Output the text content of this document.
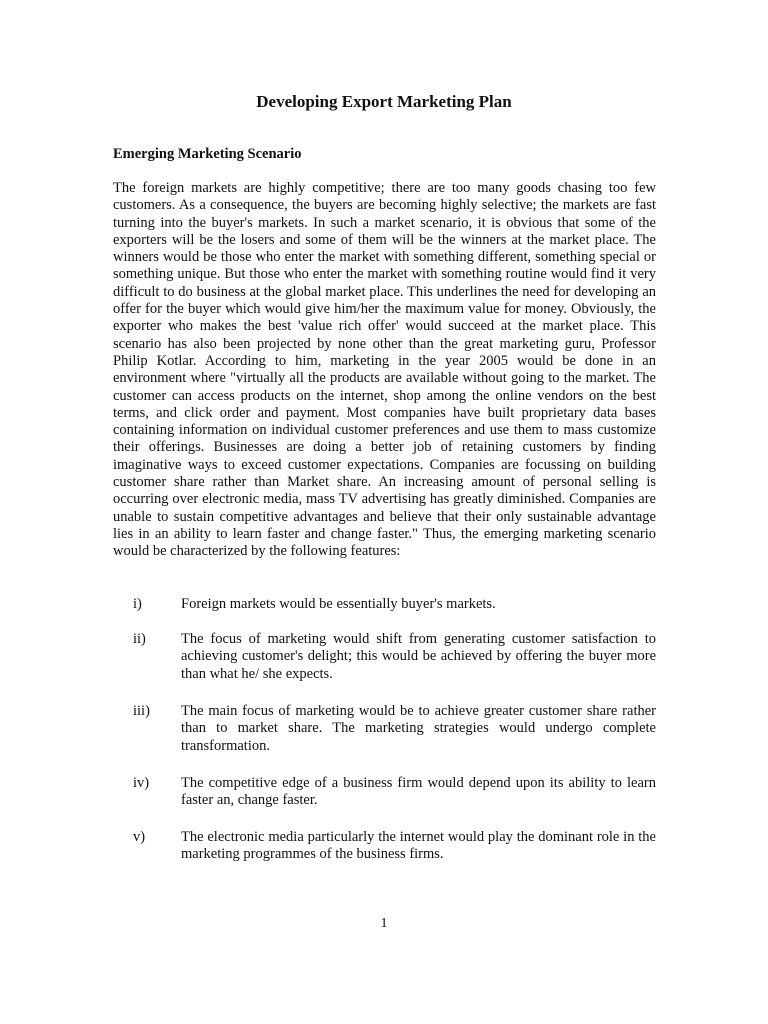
Developing Export Marketing Plan
Emerging Marketing Scenario

The foreign markets are highly competitive; there are too many goods chasing too few customers. As a consequence, the buyers are becoming highly selective; the markets are fast turning into the buyer's markets. In such a market scenario, it is obvious that some of the exporters will be the losers and some of them will be the winners at the market place. The winners would be those who enter the market with something different, something special or something unique. But those who enter the market with something routine would find it very difficult to do business at the global market place. This underlines the need for developing an offer for the buyer which would give him/her the maximum value for money. Obviously, the exporter who makes the best 'value rich offer' would succeed at the market place. This scenario has also been projected by none other than the great marketing guru, Professor Philip Kotlar. According to him, marketing in the year 2005 would be done in an environment where "virtually all the products are available without going to the market. The customer can access products on the internet, shop among the online vendors on the best terms, and click order and payment. Most companies have built proprietary data bases containing information on individual customer preferences and use them to mass customize their offerings. Businesses are doing a better job of retaining customers by finding imaginative ways to exceed customer expectations. Companies are focussing on building customer share rather than Market share. An increasing amount of personal selling is occurring over electronic media, mass TV advertising has greatly diminished. Companies are unable to sustain competitive advantages and believe that their only sustainable advantage lies in an ability to learn faster and change faster." Thus, the emerging marketing scenario would be characterized by the following features:

i)	Foreign markets would be essentially buyer's markets.
ii) The focus of marketing would shift from generating customer satisfaction to achieving customer's delight; this would be achieved by offering the buyer more than what he/ she expects.
iii) The main focus of marketing would be to achieve greater customer share rather than to market share. The marketing strategies would undergo complete transformation.
iv) The competitive edge of a business firm would depend upon its ability to learn faster an, change faster.
v) The electronic media particularly the internet would play the dominant role in the marketing programmes of the business firms.
1
